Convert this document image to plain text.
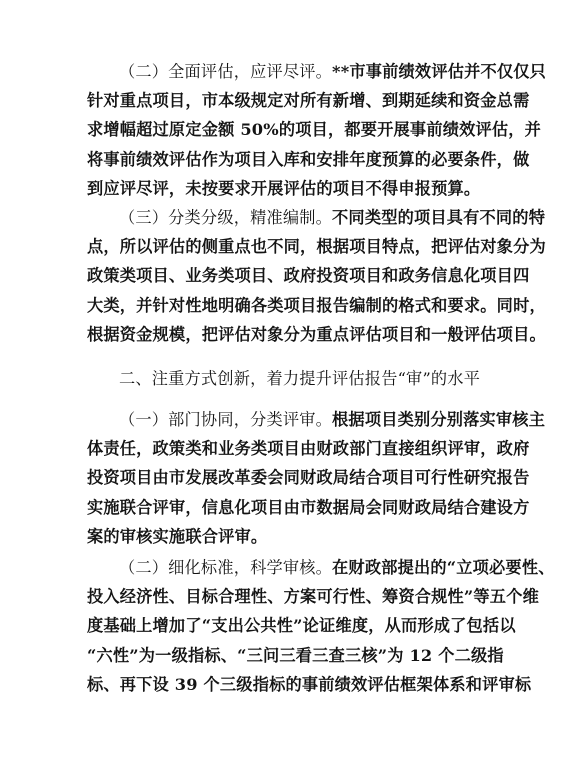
（二）全面评估，应评尽评。**市事前绩效评估并不仅仅只
针对重点项目，市本级规定对所有新增、到期延续和资金总需
求增幅超过原定金额 50%的项目，都要开展事前绩效评估，并
将事前绩效评估作为项目入库和安排年度预算的必要条件，做
到应评尽评，未按要求开展评估的项目不得申报预算。
（三）分类分级，精准编制。不同类型的项目具有不同的特
点，所以评估的侧重点也不同，根据项目特点，把评估对象分为
政策类项目、业务类项目、政府投资项目和政务信息化项目四
大类，并针对性地明确各类项目报告编制的格式和要求。同时，
根据资金规模，把评估对象分为重点评估项目和一般评估项目。
二、注重方式创新，着力提升评估报告“审”的水平
（一）部门协同，分类评审。根据项目类别分别落实审核主
体责任，政策类和业务类项目由财政部门直接组织评审，政府
投资项目由市发展改革委会同财政局结合项目可行性研究报告
实施联合评审，信息化项目由市数据局会同财政局结合建设方
案的审核实施联合评审。
（二）细化标准，科学审核。在财政部提出的“立项必要性、
投入经济性、目标合理性、方案可行性、筹资合规性”等五个维
度基础上增加了“支出公共性”论证维度，从而形成了包括以
“六性”为一级指标、“三问三看三查三核”为 12 个二级指
标、再下设 39 个三级指标的事前绩效评估框架体系和评审标
